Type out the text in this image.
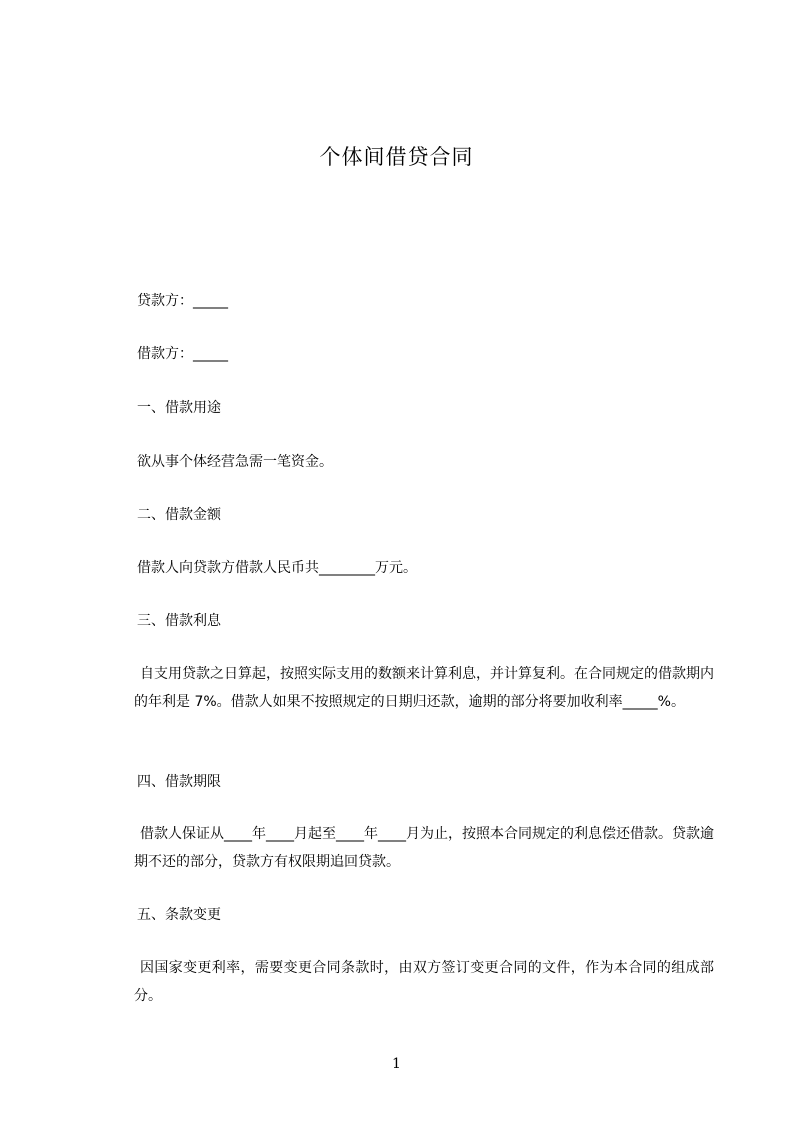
个体间借贷合同
贷款方：_____
借款方：_____
一、借款用途
欲从事个体经营急需一笔资金。
二、借款金额
借款人向贷款方借款人民币共________万元。
三、借款利息
自支用贷款之日算起，按照实际支用的数额来计算利息，并计算复利。在合同规定的借款期内的年利是 7%。借款人如果不按照规定的日期归还款，逾期的部分将要加收利率_____%。
四、借款期限
借款人保证从____年____月起至____年____月为止，按照本合同规定的利息偿还借款。贷款逾期不还的部分，贷款方有权限期追回贷款。
五、条款变更
因国家变更利率，需要变更合同条款时，由双方签订变更合同的文件，作为本合同的组成部分。
1
